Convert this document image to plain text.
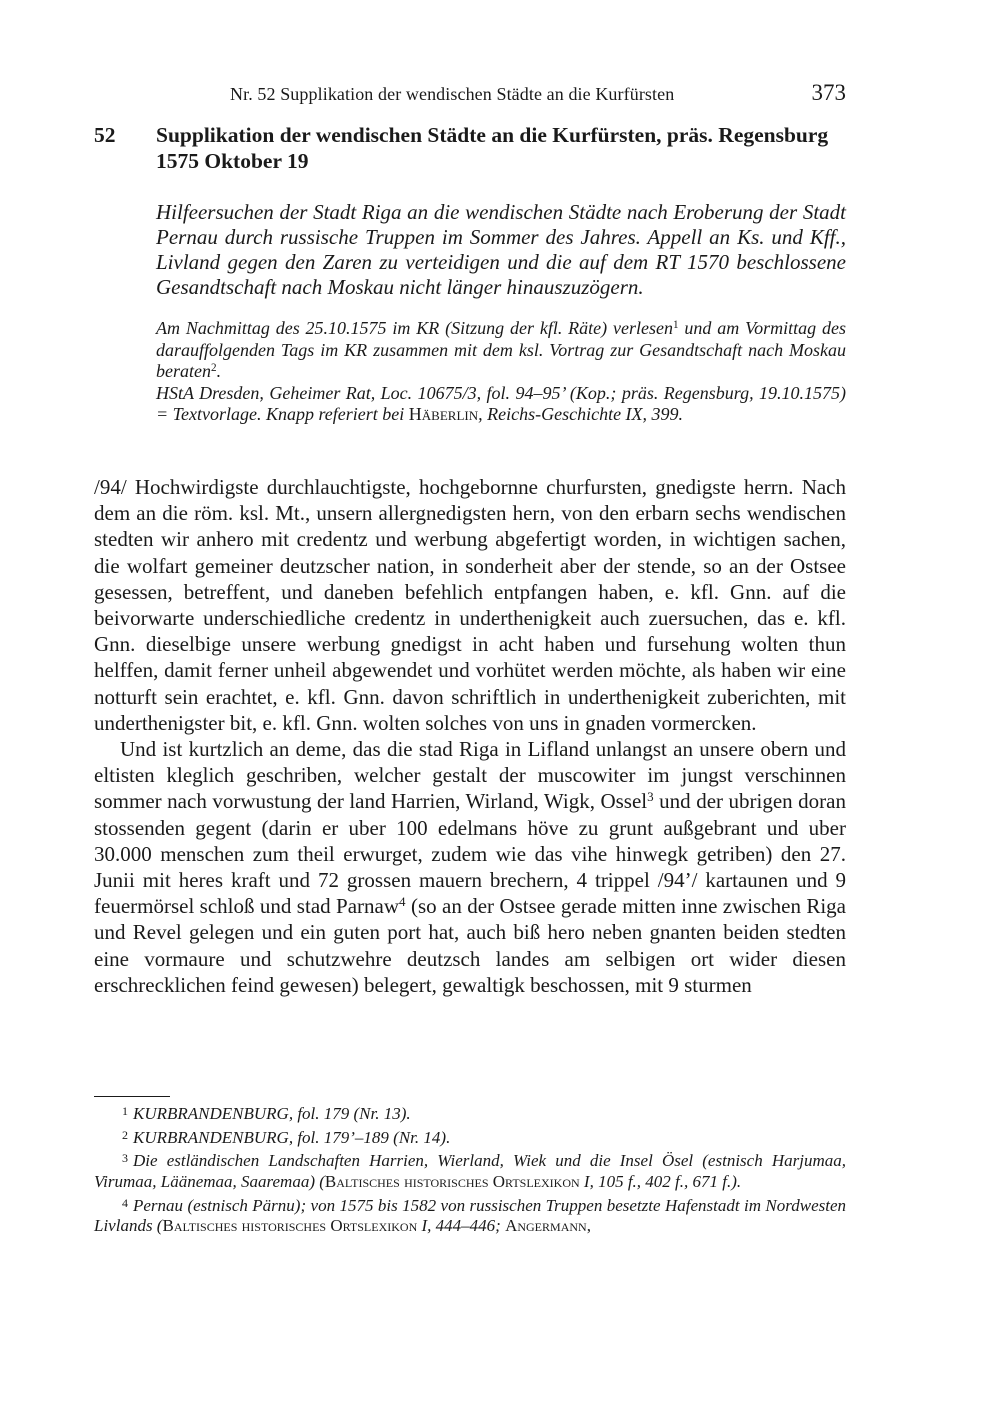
Nr. 52 Supplikation der wendischen Städte an die Kurfürsten	373
52 Supplikation der wendischen Städte an die Kurfürsten, präs. Regensburg 1575 Oktober 19
Hilfeersuchen der Stadt Riga an die wendischen Städte nach Eroberung der Stadt Pernau durch russische Truppen im Sommer des Jahres. Appell an Ks. und Kff., Livland gegen den Zaren zu verteidigen und die auf dem RT 1570 beschlossene Gesandtschaft nach Moskau nicht länger hinauszuzögern.

Am Nachmittag des 25.10.1575 im KR (Sitzung der kfl. Räte) verlesen$^1$ und am Vormittag des darauffolgenden Tags im KR zusammen mit dem ksl. Vortrag zur Gesandtschaft nach Moskau beraten$^2$.

HStA Dresden, Geheimer Rat, Loc. 10675/3, fol. 94–95’ (Kop.; präs. Regensburg, 19.10.1575) = Textvorlage. Knapp referiert bei Häberlin, Reichs-Geschichte IX, 399.

/94/ Hochwirdigste durchlauchtigste, hochgebornne churfursten, gnedigste herrn. Nach dem an die röm. ksl. Mt., unsern allergnedigsten hern, von den erbarn sechs wendischen stedten wir anhero mit credentz und werbung abgefertigt worden, in wichtigen sachen, die wolfart gemeiner deutzscher nation, in sonderheit aber der stende, so an der Ostsee gesessen, betreffent, und daneben befehlich entpfangen haben, e. kfl. Gnn. auf die beivorwarte underschiedliche credentz in underthenigkeit auch zuersuchen, das e. kfl. Gnn. dieselbige unsere werbung gnedigst in acht haben und fursehung wolten thun helffen, damit ferner unheil abgewendet und vorhütet werden möchte, als haben wir eine notturft sein erachtet, e. kfl. Gnn. davon schriftlich in underthenigkeit zuberichten, mit underthenigster bit, e. kfl. Gnn. wolten solches von uns in gnaden vormercken.

Und ist kurtzlich an deme, das die stad Riga in Lifland unlangst an unsere obern und eltisten kleglich geschriben, welcher gestalt der muscowiter im jungst verschinnen sommer nach vorwustung der land Harrien, Wirland, Wigk, Ossel$^3$ und der ubrigen doran stossenden gegent (darin er uber 100 edelmans höve zu grunt außgebrant und uber 30.000 menschen zum theil erwurget, zudem wie das vihe hinwegk getriben) den 27. Junii mit heres kraft und 72 grossen mauern brechern, 4 trippel /94’/ kartaunen und 9 feuermörsel schloß und stad Parnaw$^4$ (so an der Ostsee gerade mitten inne zwischen Riga und Revel gelegen und ein guten port hat, auch biß hero neben gnanten beiden stedten eine vormaure und schutzwehre deutzsch landes am selbigen ort wider diesen erschrecklichen feind gewesen) belegert, gewaltigk beschossen, mit 9 sturmen

$^1$ KURBRANDENBURG, fol. 179 (Nr. 13).

$^2$ KURBRANDENBURG, fol. 179’–189 (Nr. 14).

$^3$ Die estländischen Landschaften Harrien, Wierland, Wiek und die Insel Ösel (estnisch Harjumaa, Virumaa, Läänemaa, Saaremaa) (Baltisches historisches Ortslexikon I, 105 f., 402 f., 671 f.).

$^4$ Pernau (estnisch Pärnu); von 1575 bis 1582 von russischen Truppen besetzte Hafenstadt im Nordwesten Livlands (Baltisches historisches Ortslexikon I, 444–446; Angermann,
